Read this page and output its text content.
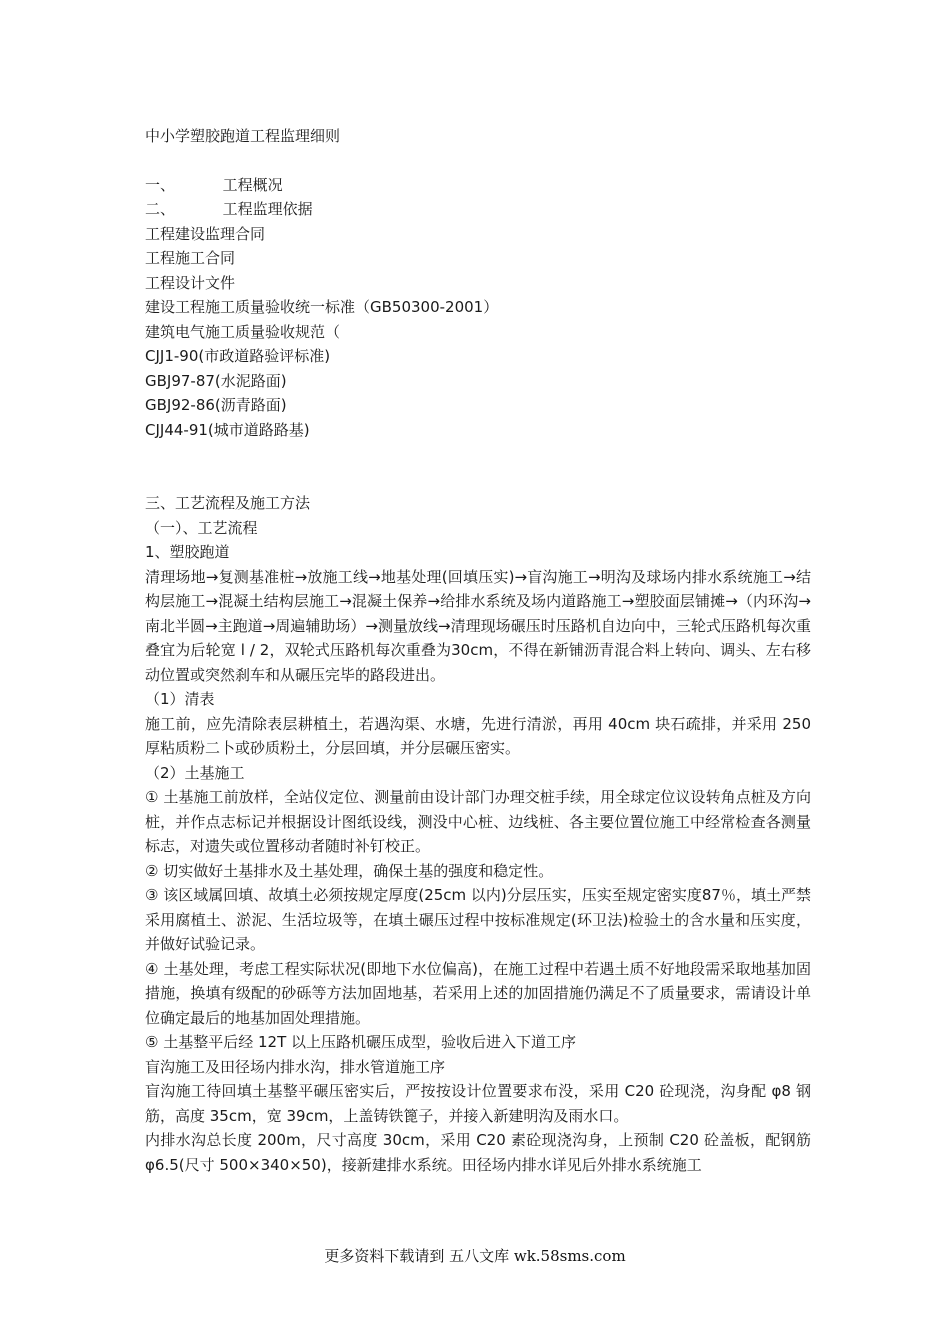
中小学塑胶跑道工程监理细则

一、          工程概况

二、          工程监理依据

工程建设监理合同

工程施工合同

工程设计文件

建设工程施工质量验收统一标准（GB50300-2001）

建筑电气施工质量验收规范（

CJJ1-90(市政道路验评标准)

GBJ97-87(水泥路面)

GBJ92-86(沥青路面)

CJJ44-91(城市道路路基)

三、工艺流程及施工方法

（一）、工艺流程

1、塑胶跑道

清理场地→复测基准桩→放施工线→地基处理(回填压实)→盲沟施工→明沟及球场内排水系统施工→结构层施工→混凝土结构层施工→混凝土保养→给排水系统及场内道路施工→塑胶面层铺摊→（内环沟→南北半圆→主跑道→周遍辅助场）→测量放线→清理现场碾压时压路机自边向中，三轮式压路机每次重叠宜为后轮宽 l / 2，双轮式压路机每次重叠为30cm，不得在新铺沥青混合料上转向、调头、左右移动位置或突然刹车和从碾压完毕的路段进出。

（1）清表

施工前，应先清除表层耕植土，若遇沟渠、水塘，先进行清淤，再用 40cm 块石疏排，并采用 250 厚粘质粉二卜或砂质粉土，分层回填，并分层碾压密实。

（2）土基施工

① 土基施工前放样，全站仪定位、测量前由设计部门办理交桩手续，用全球定位议设转角点桩及方向桩，并作点志标记并根据设计图纸设线，测没中心桩、边线桩、各主要位置位施工中经常检查各测量标志，对遗失或位置移动者随时补钉校正。

② 切实做好土基排水及土基处理，确保土基的强度和稳定性。

③ 该区域属回填、故填土必须按规定厚度(25cm 以内)分层压实，压实至规定密实度87％，填土严禁采用腐植土、淤泥、生活垃圾等，在填土碾压过程中按标准规定(环卫法)检验土的含水量和压实度，并做好试验记录。

④ 土基处理，考虑工程实际状况(即地下水位偏高)，在施工过程中若遇土质不好地段需采取地基加固措施，换填有级配的砂砾等方法加固地基，若采用上述的加固措施仍满足不了质量要求，需请设计单位确定最后的地基加固处理措施。

⑤ 土基整平后经 12T 以上压路机碾压成型，验收后进入下道工序

盲沟施工及田径场内排水沟，排水管道施工序

盲沟施工待回填土基整平碾压密实后，严按按设计位置要求布没，采用 C20 砼现浇，沟身配 φ8 钢筋，高度 35cm，宽 39cm，上盖铸铁篦子，并接入新建明沟及雨水口。

内排水沟总长度 200m，尺寸高度 30cm，采用 C20 素砼现浇沟身，上预制 C20 砼盖板，配钢筋 φ6.5(尺寸 500×340×50)，接新建排水系统。田径场内排水详见后外排水系统施工

更多资料下载请到 五八文库 wk.58sms.com
